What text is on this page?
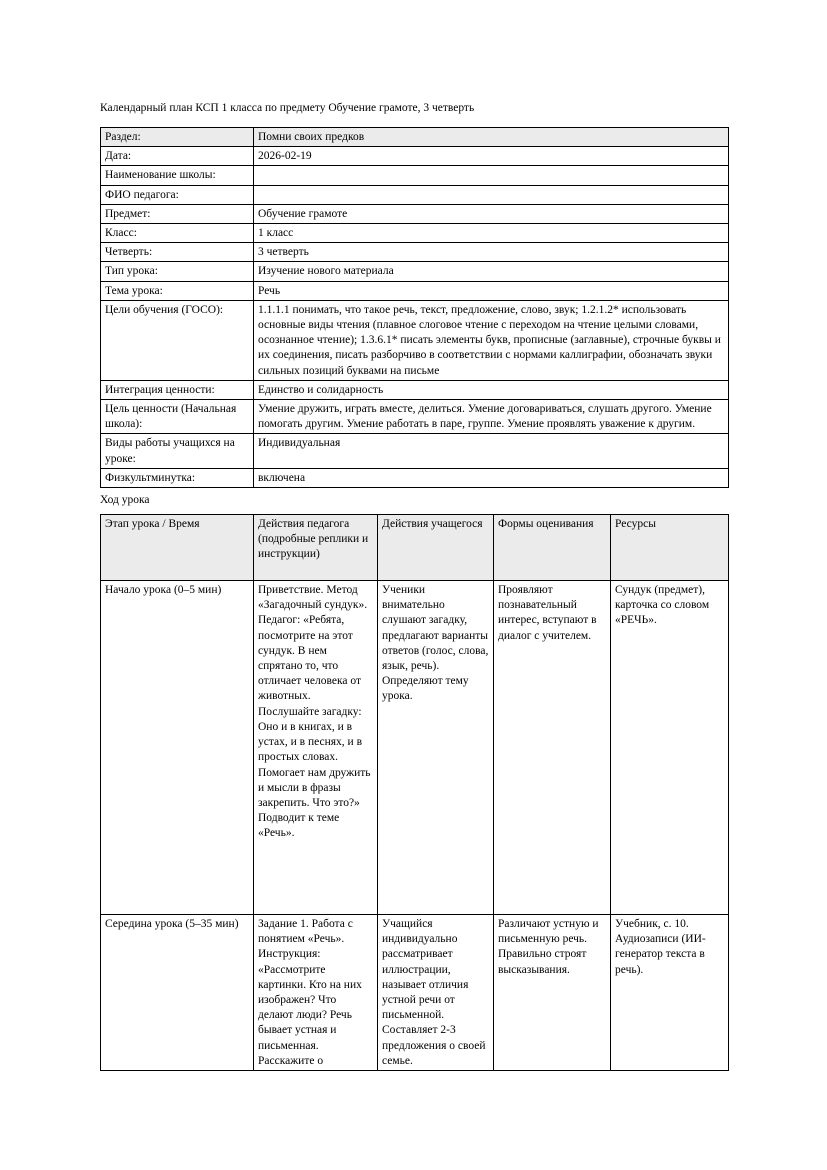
Календарный план КСП 1 класса по предмету Обучение грамоте, 3 четверть
Раздел:	Помни своих предков
Дата:	2026-02-19
Наименование школы:	
ФИО педагога:	
Предмет:	Обучение грамоте
Класс:	1 класс
Четверть:	3 четверть
Тип урока:	Изучение нового материала
Тема урока:	Речь
Цели обучения (ГОСО):	1.1.1.1 понимать, что такое речь, текст, предложение, слово, звук; 1.2.1.2* использовать основные виды чтения (плавное слоговое чтение с переходом на чтение целыми словами, осознанное чтение); 1.3.6.1* писать элементы букв, прописные (заглавные), строчные буквы и их соединения, писать разборчиво в соответствии с нормами каллиграфии, обозначать звуки сильных позиций буквами на письме
Интеграция ценности:	Единство и солидарность
Цель ценности (Начальная школа):	Умение дружить, играть вместе, делиться. Умение договариваться, слушать другого. Умение помогать другим. Умение работать в паре, группе. Умение проявлять уважение к другим.
Виды работы учащихся на уроке:	Индивидуальная
Физкультминутка:	включена
Ход урока
Этап урока / Время	Действия педагога (подробные реплики и инструкции)	Действия учащегося	Формы оценивания	Ресурсы
Начало урока (0–5 мин)	Приветствие. Метод «Загадочный сундук». Педагог: «Ребята, посмотрите на этот сундук. В нем спрятано то, что отличает человека от животных. Послушайте загадку: Оно и в книгах, и в устах, и в песнях, и в простых словах. Помогает нам дружить и мысли в фразы закрепить. Что это?» Подводит к теме «Речь».	Ученики внимательно слушают загадку, предлагают варианты ответов (голос, слова, язык, речь). Определяют тему урока.	Проявляют познавательный интерес, вступают в диалог с учителем.	Сундук (предмет), карточка со словом «РЕЧЬ».
Середина урока (5–35 мин)	Задание 1. Работа с понятием «Речь». Инструкция: «Рассмотрите картинки. Кто на них изображен? Что делают люди? Речь бывает устная и письменная. Расскажите о	Учащийся индивидуально рассматривает иллюстрации, называет отличия устной речи от письменной. Составляет 2-3 предложения о своей семье.	Различают устную и письменную речь. Правильно строят высказывания.	Учебник, с. 10. Аудиозаписи (ИИ-генератор текста в речь).
